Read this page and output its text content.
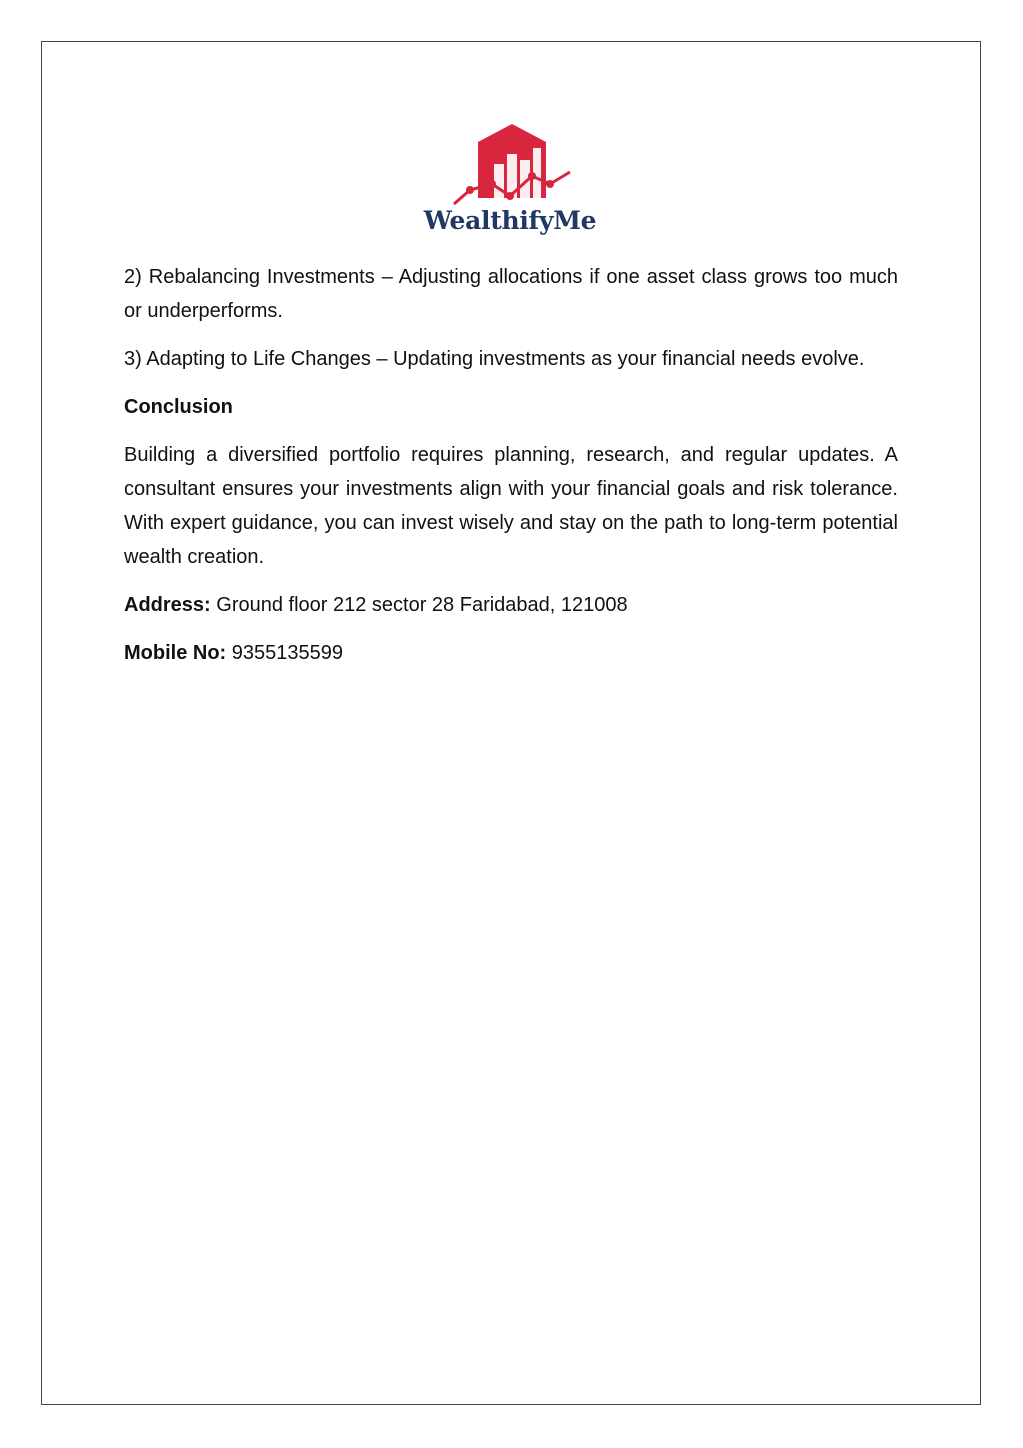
WealthifyMe

2) Rebalancing Investments – Adjusting allocations if one asset class grows too much or underperforms.

3) Adapting to Life Changes – Updating investments as your financial needs evolve.

Conclusion

Building a diversified portfolio requires planning, research, and regular updates. A consultant ensures your investments align with your financial goals and risk tolerance. With expert guidance, you can invest wisely and stay on the path to long-term potential wealth creation.

Address: Ground floor 212 sector 28 Faridabad, 121008

Mobile No: 9355135599
